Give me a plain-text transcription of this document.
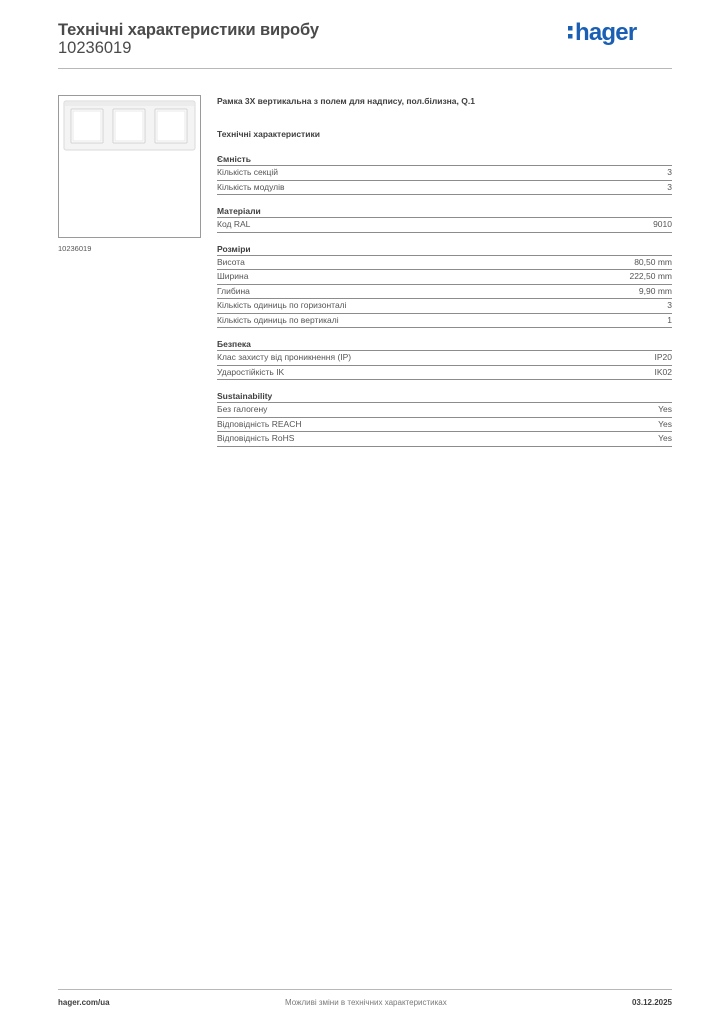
Технічні характеристики виробу
10236019
hager
10236019
Рамка 3X вертикальна з полем для надпису, пол.білизна, Q.1
Технічні характеристики
Ємність
Кількість секцій	3
Кількість модулів	3
Матеріали
Код RAL	9010
Розміри
Висота	80,50 mm
Ширина	222,50 mm
Глибина	9,90 mm
Кількість одиниць по горизонталі	3
Кількість одиниць по вертикалі	1
Безпека
Клас захисту від проникнення (IP)	IP20
Ударостійкість IK	IK02
Sustainability
Без галогену	Yes
Відповідність REACH	Yes
Відповідність RoHS	Yes
hager.com/ua	Можливі зміни в технічних характеристиках	03.12.2025
